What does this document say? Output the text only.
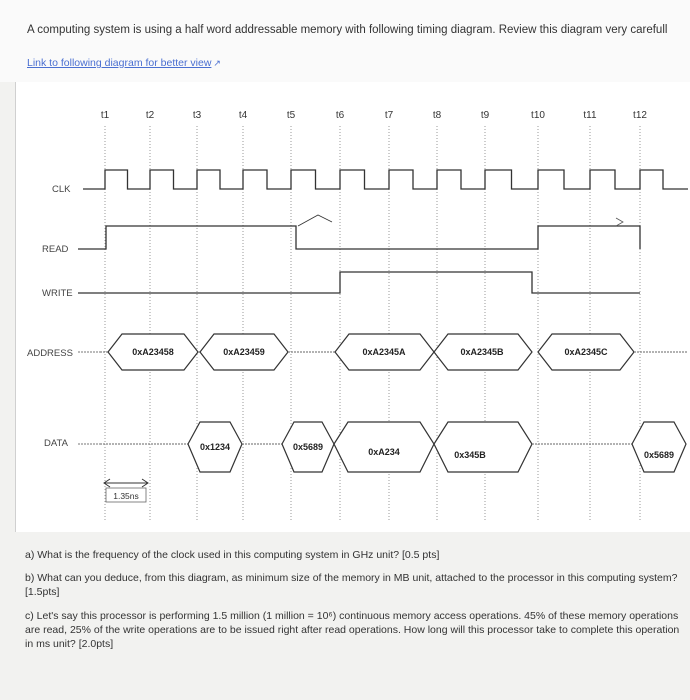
A computing system is using a half word addressable memory with following timing diagram. Review this diagram very carefull
Link to following diagram for better view ↗
t1	t2	t3	t4	t5	t6	t7	t8	t9	t10	t11	t12
CLK
READ
WRITE
ADDRESS
DATA
0xA23458	0xA23459	0xA2345A	0xA2345B	0xA2345C
0x1234	0x5689	0xA234	0x345B	0x5689
1.35ns
a) What is the frequency of the clock used in this computing system in GHz unit? [0.5 pts]
b) What can you deduce, from this diagram, as minimum size of the memory in MB unit, attached to the processor in this computing system? [1.5pts]
c) Let's say this processor is performing 1.5 million (1 million = 10⁶) continuous memory access operations. 45% of these memory operations are read, 25% of the write operations are to be issued right after read operations. How long will this processor take to complete this operation in ms unit? [2.0pts]
